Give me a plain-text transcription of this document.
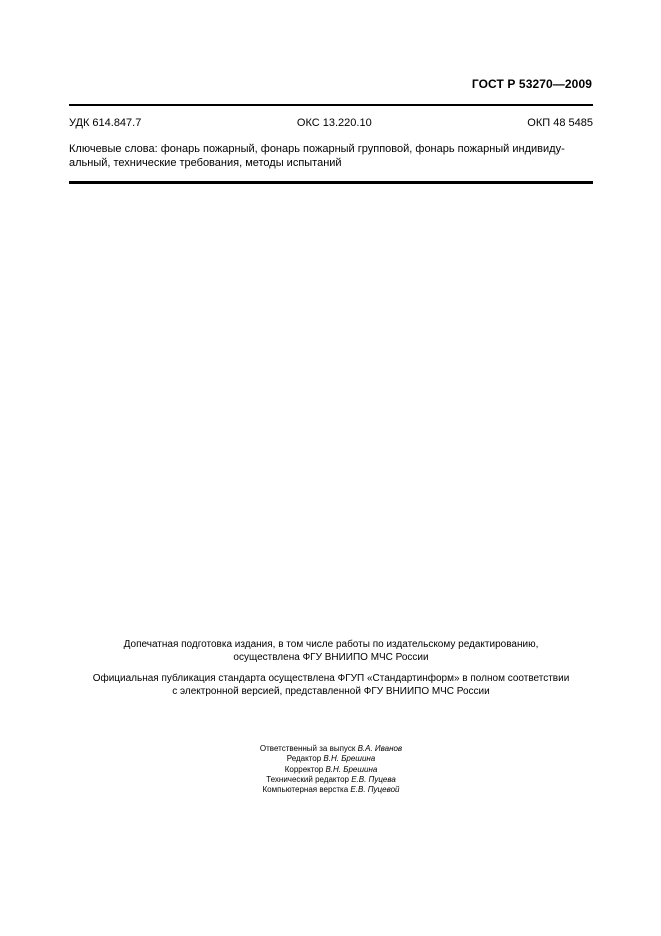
ГОСТ Р 53270—2009
УДК 614.847.7	ОКС 13.220.10	ОКП 48 5485
Ключевые слова: фонарь пожарный, фонарь пожарный групповой, фонарь пожарный индивиду-
альный, технические требования, методы испытаний
Допечатная подготовка издания, в том числе работы по издательскому редактированию,
осуществлена ФГУ ВНИИПО МЧС России
Официальная публикация стандарта осуществлена ФГУП «Стандартинформ» в полном соответствии
с электронной версией, представленной ФГУ ВНИИПО МЧС России
Ответственный за выпуск В.А. Иванов
Редактор В.Н. Брешина
Корректор В.Н. Брешина
Технический редактор Е.В. Пуцева
Компьютерная верстка Е.В. Пуцевой
